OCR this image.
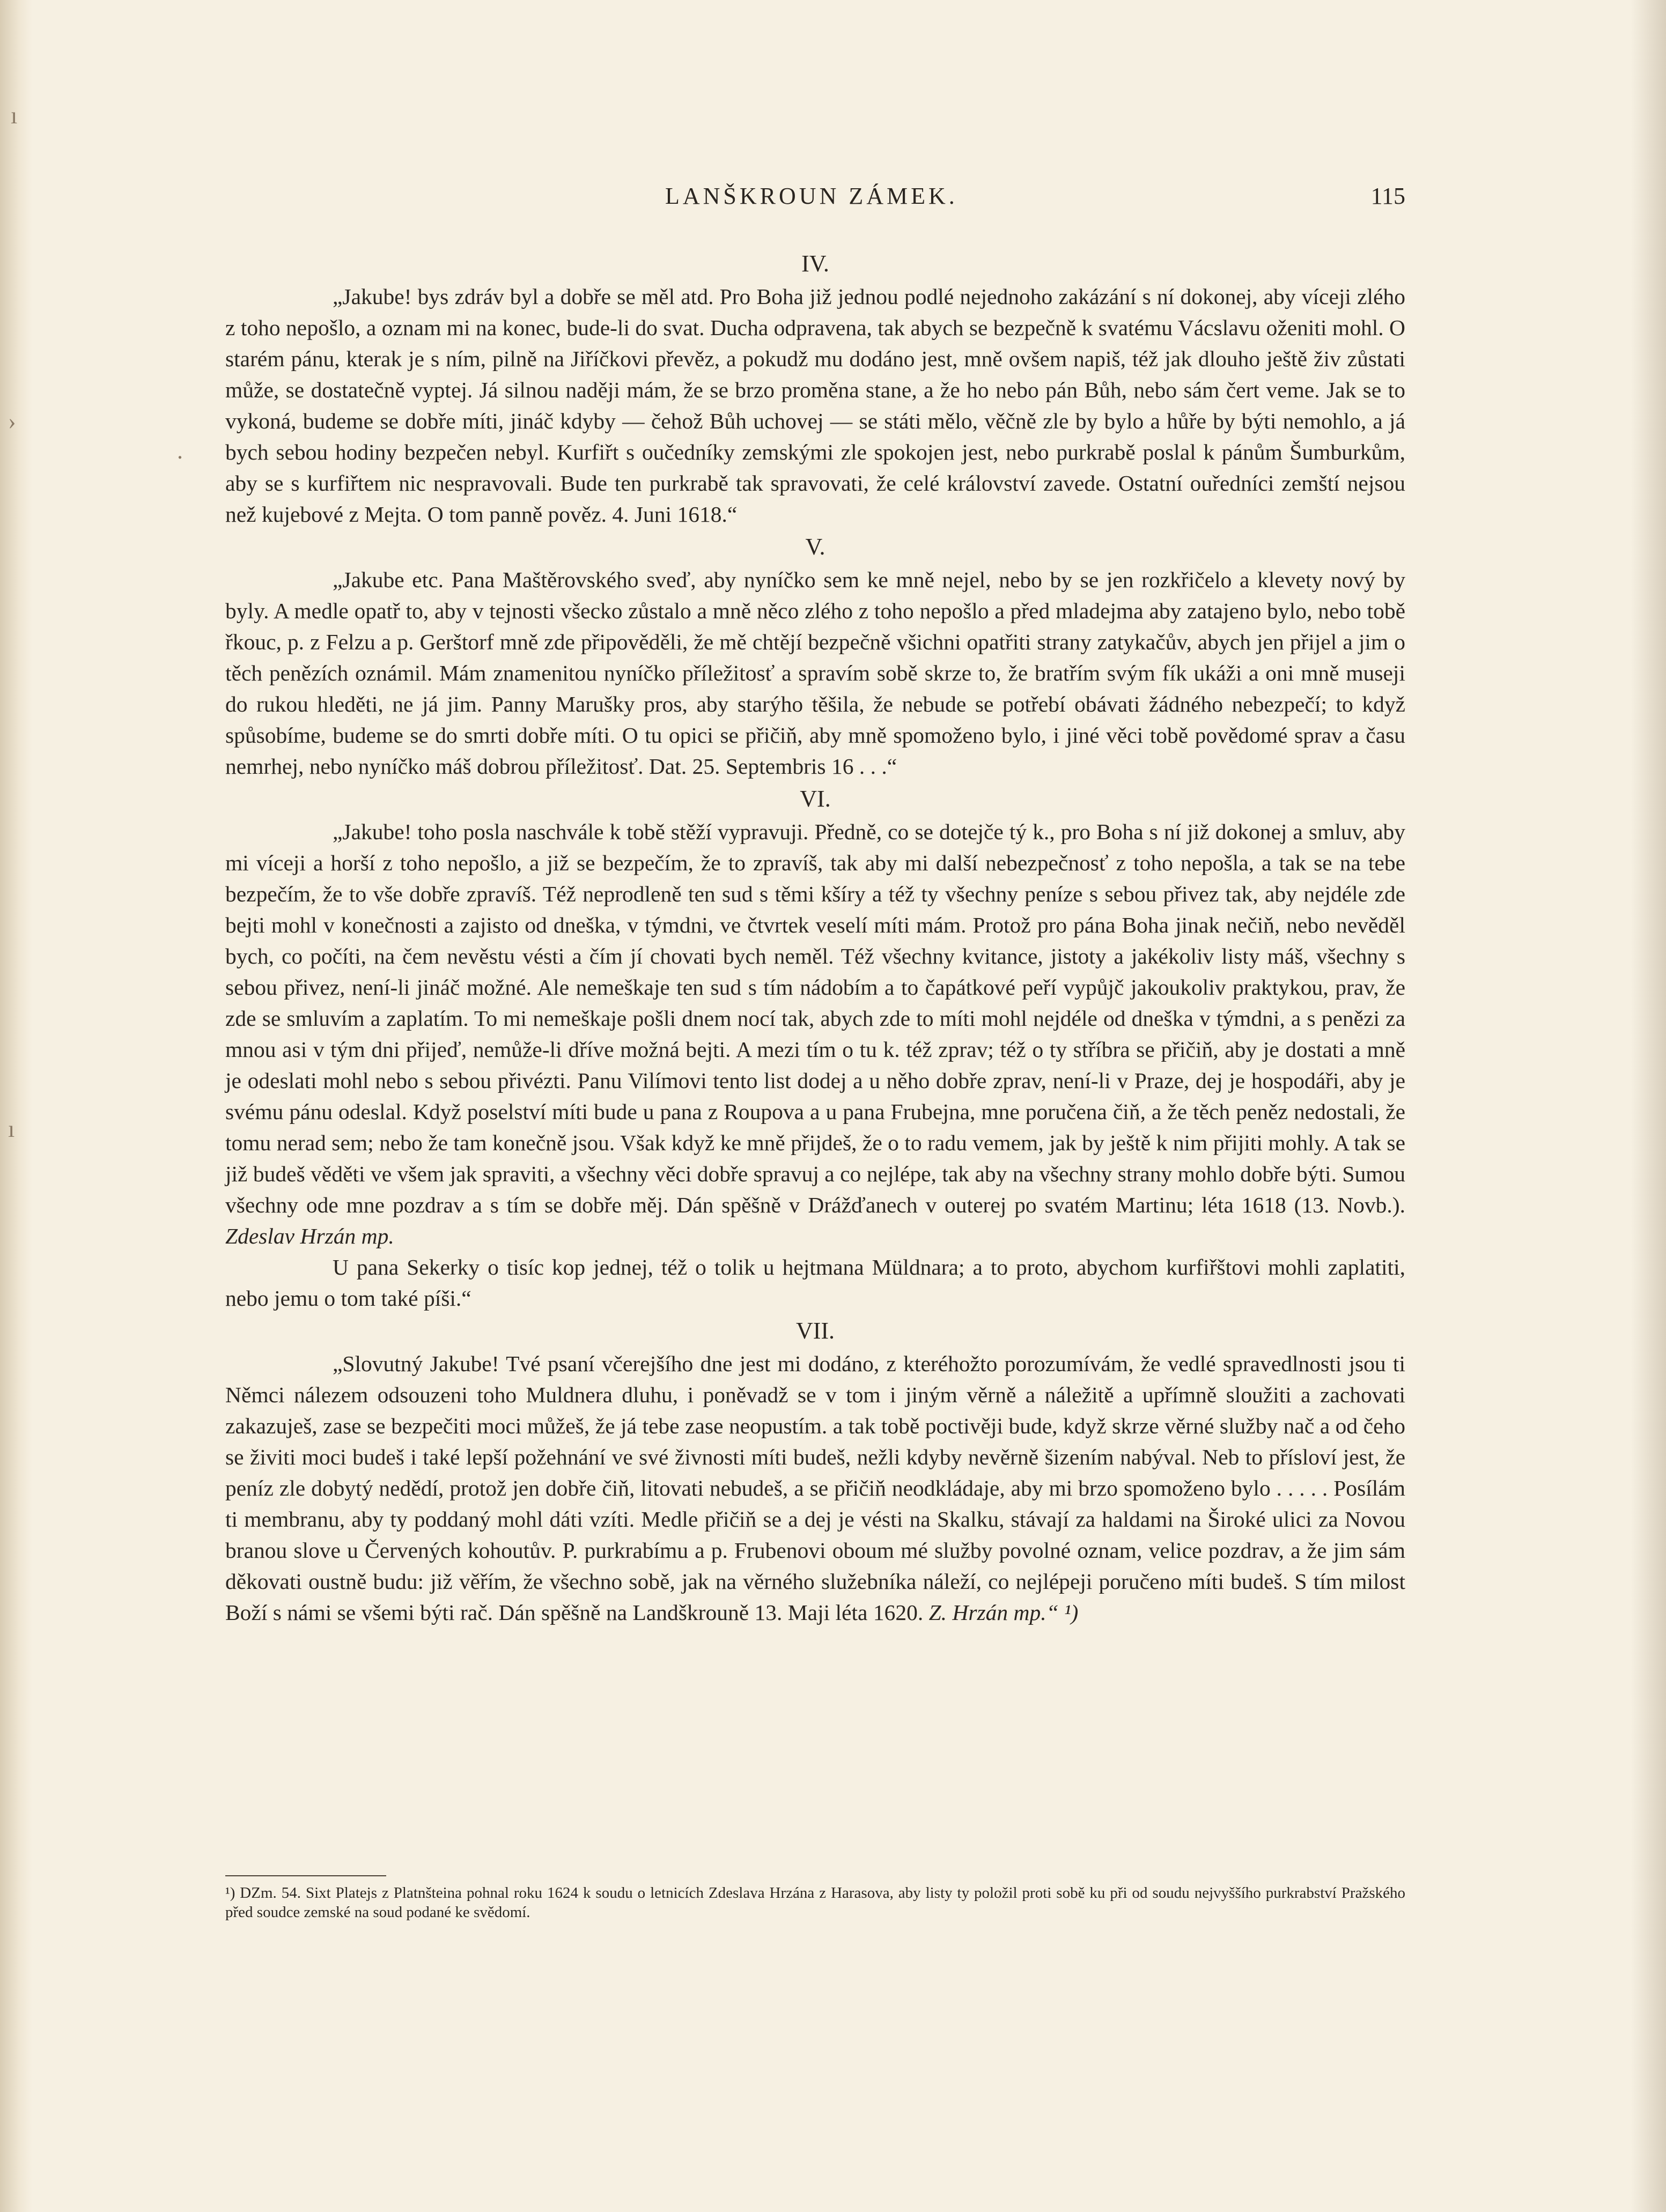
ı
›
ı
.
LANŠKROUN ZÁMEK.	115
IV.

„Jakube! bys zdráv byl a dobře se měl atd. Pro Boha již jednou podlé nejednoho zakázání s ní dokonej, aby víceji zlého z toho nepošlo, a oznam mi na konec, bude-li do svat. Ducha odpravena, tak abych se bezpečně k svatému Vácslavu oženiti mohl. O starém pánu, kterak je s ním, pilně na Jiříčkovi převěz, a pokudž mu dodáno jest, mně ovšem napiš, též jak dlouho ještě živ zůstati může, se dostatečně vyptej. Já silnou naději mám, že se brzo proměna stane, a že ho nebo pán Bůh, nebo sám čert veme. Jak se to vykoná, budeme se dobře míti, jináč kdyby — čehož Bůh uchovej — se státi mělo, věčně zle by bylo a hůře by býti nemohlo, a já bych sebou hodiny bezpečen nebyl. Kurfiřt s oučedníky zemskými zle spokojen jest, nebo purkrabě poslal k pánům Šumburkům, aby se s kurfiřtem nic nespravovali. Bude ten purkrabě tak spravovati, že celé království zavede. Ostatní ouředníci zemští nejsou než kujebové z Mejta. O tom panně pověz. 4. Juni 1618.“

V.

„Jakube etc. Pana Maštěrovského sveď, aby nyníčko sem ke mně nejel, nebo by se jen rozkřičelo a klevety nový by byly. A medle opatř to, aby v tejnosti všecko zůstalo a mně něco zlého z toho nepošlo a před mladejma aby zatajeno bylo, nebo tobě řkouc, p. z Felzu a p. Gerštorf mně zde připověděli, že mě chtějí bezpečně všichni opatřiti strany zatykačův, abych jen přijel a jim o těch penězích oznámil. Mám znamenitou nyníčko příležitosť a spravím sobě skrze to, že bratřím svým fík ukáži a oni mně museji do rukou hleděti, ne já jim. Panny Marušky pros, aby starýho těšila, že nebude se potřebí obávati žádného nebezpečí; to když spůsobíme, budeme se do smrti dobře míti. O tu opici se přičiň, aby mně spomoženo bylo, i jiné věci tobě povědomé sprav a času nemrhej, nebo nyníčko máš dobrou příležitosť. Dat. 25. Septembris 16 . . .“

VI.

„Jakube! toho posla naschvále k tobě stěží vypravuji. Předně, co se dotejče tý k., pro Boha s ní již dokonej a smluv, aby mi víceji a horší z toho nepošlo, a již se bezpečím, že to zpravíš, tak aby mi další nebezpečnosť z toho nepošla, a tak se na tebe bezpečím, že to vše dobře zpravíš. Též neprodleně ten sud s těmi kšíry a též ty všechny peníze s sebou přivez tak, aby nejdéle zde bejti mohl v konečnosti a zajisto od dneška, v týmdni, ve čtvrtek veselí míti mám. Protož pro pána Boha jinak nečiň, nebo nevěděl bych, co počíti, na čem nevěstu vésti a čím jí chovati bych neměl. Též všechny kvitance, jistoty a jakékoliv listy máš, všechny s sebou přivez, není-li jináč možné. Ale nemeškaje ten sud s tím nádobím a to čapátkové peří vypůjč jakoukoliv praktykou, prav, že zde se smluvím a zaplatím. To mi nemeškaje pošli dnem nocí tak, abych zde to míti mohl nejdéle od dneška v týmdni, a s penězi za mnou asi v tým dni přijeď, nemůže-li dříve možná bejti. A mezi tím o tu k. též zprav; též o ty stříbra se přičiň, aby je dostati a mně je odeslati mohl nebo s sebou přivézti. Panu Vilímovi tento list dodej a u něho dobře zprav, není-li v Praze, dej je hospodáři, aby je svému pánu odeslal. Když poselství míti bude u pana z Roupova a u pana Frubejna, mne poručena čiň, a že těch peněz nedostali, že tomu nerad sem; nebo že tam konečně jsou. Však když ke mně přijdeš, že o to radu vemem, jak by ještě k nim přijiti mohly. A tak se již budeš věděti ve všem jak spraviti, a všechny věci dobře spravuj a co nejlépe, tak aby na všechny strany mohlo dobře býti. Sumou všechny ode mne pozdrav a s tím se dobře měj. Dán spěšně v Drážďanech v outerej po svatém Martinu; léta 1618 (13. Novb.). Zdeslav Hrzán mp.

U pana Sekerky o tisíc kop jednej, též o tolik u hejtmana Müldnara; a to proto, abychom kurfiřštovi mohli zaplatiti, nebo jemu o tom také píši.“

VII.

„Slovutný Jakube! Tvé psaní včerejšího dne jest mi dodáno, z kteréhožto porozumívám, že vedlé spravedlnosti jsou ti Němci nálezem odsouzeni toho Muldnera dluhu, i poněvadž se v tom i jiným věrně a náležitě a upřímně sloužiti a zachovati zakazuješ, zase se bezpečiti moci můžeš, že já tebe zase neopustím. a tak tobě poctivěji bude, když skrze věrné služby nač a od čeho se živiti moci budeš i také lepší požehnání ve své živnosti míti budeš, nežli kdyby nevěrně šizením nabýval. Neb to přísloví jest, že peníz zle dobytý nedědí, protož jen dobře čiň, litovati nebudeš, a se přičiň neodkládaje, aby mi brzo spomoženo bylo . . . . . Posílám ti membranu, aby ty poddaný mohl dáti vzíti. Medle přičiň se a dej je vésti na Skalku, stávají za haldami na Široké ulici za Novou branou slove u Červených kohoutův. P. purkrabímu a p. Frubenovi oboum mé služby povolné oznam, velice pozdrav, a že jim sám děkovati oustně budu: již věřím, že všechno sobě, jak na věrného služebníka náleží, co nejlépeji poručeno míti budeš. S tím milost Boží s námi se všemi býti rač. Dán spěšně na Landškrouně 13. Maji léta 1620. Z. Hrzán mp.“ ¹)

¹) DZm. 54. Sixt Platejs z Platnšteina pohnal roku 1624 k soudu o letnicích Zdeslava Hrzána z Harasova, aby listy ty položil proti sobě ku při od soudu nejvyššího purkrabství Pražského před soudce zemské na soud podané ke svědomí.
